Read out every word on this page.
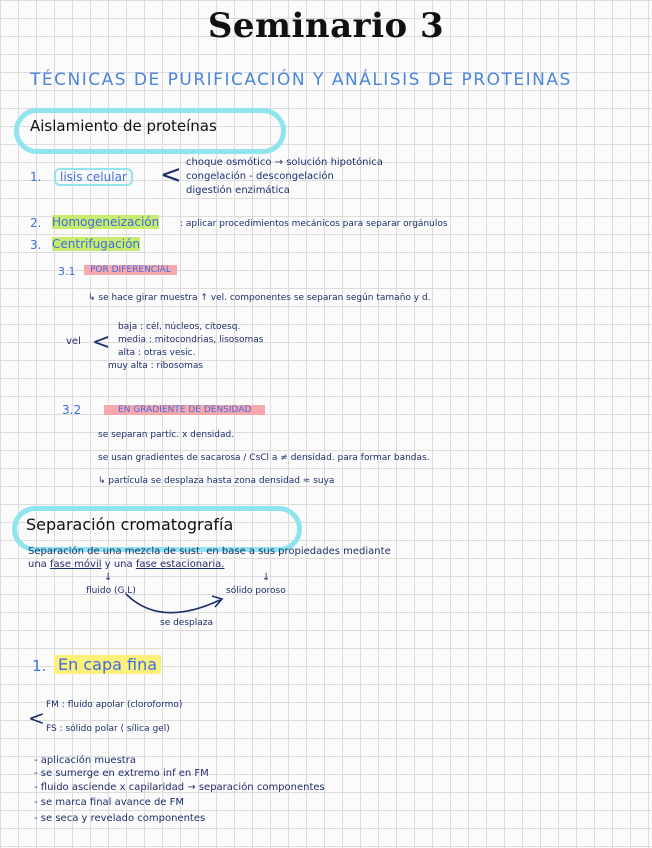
Seminario 3
TÉCNICAS DE PURIFICACIÓN Y ANÁLISIS DE PROTEINAS
Aislamiento de proteínas
1.	lisis celular < choque osmótico → solución hipotónica
congelación - descongelación
digestión enzimática
2. Homogeneización : aplicar procedimientos mecánicos para separar orgánulos
3. Centrifugación
3.1	POR DIFERENCIAL
↳ se hace girar muestra ↑ vel. componentes se separan según tamaño y d.
vel <
baja : cél, núcleos, citoesq.
media : mitocondrias, lisosomas
alta : otras vesic.
muy alta : ribosomas
3.2	EN GRADIENTE DE DENSIDAD
se separan partíc. x densidad.
se usan gradientes de sacarosa / CsCl a ≠ densidad. para formar bandas.
↳ partícula se desplaza hasta zona densidad ≈ suya
Separación cromatografía
Separación de una mezcla de sust. en base a sus propiedades mediante
una fase móvil y una fase estacionaria.
↓	↓
fluido (G,L)	sólido poroso
se desplaza
1. En capa fina
<
FM : fluido apolar (cloroformo)
FS : sólido polar ( sílica gel)
- aplicación muestra
- se sumerge en extremo inf en FM
- fluido asciende x capilaridad → separación componentes
- se marca final avance de FM
- se seca y revelado componentes
